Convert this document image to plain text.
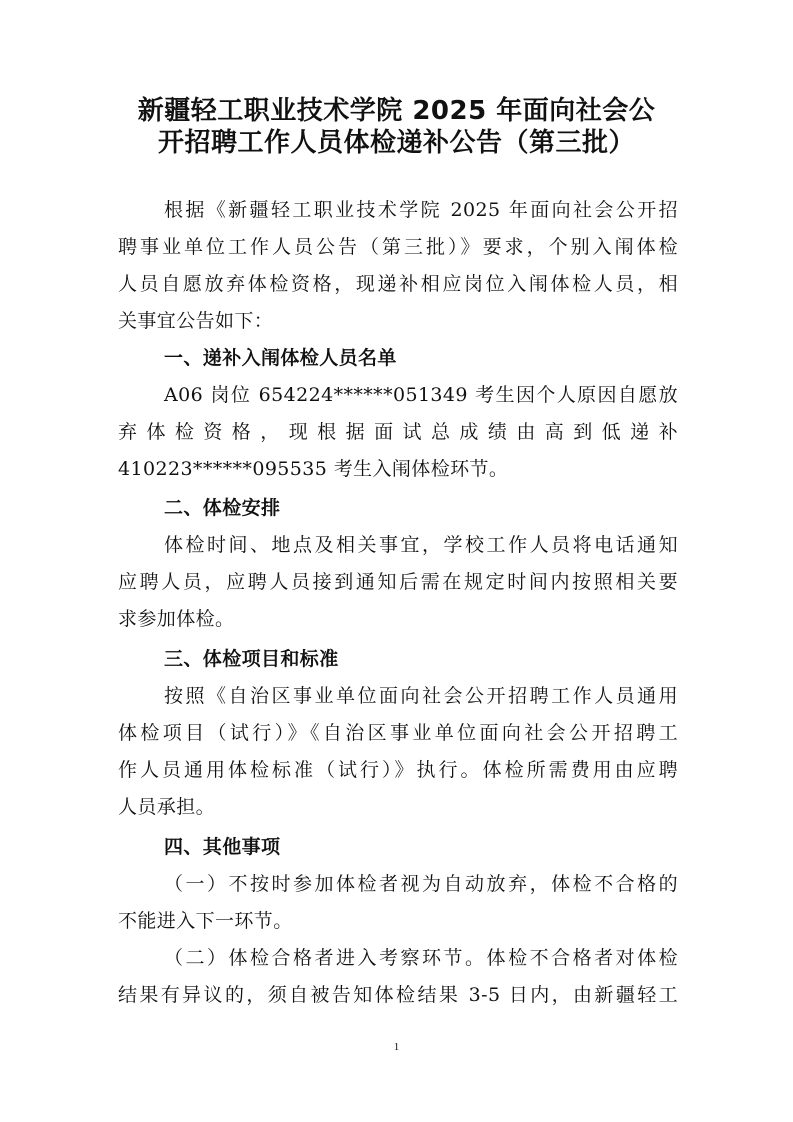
新疆轻工职业技术学院 2025 年面向社会公
开招聘工作人员体检递补公告（第三批）

根据《新疆轻工职业技术学院 2025 年面向社会公开招

聘事业单位工作人员公告（第三批）》要求，个别入闱体检

人员自愿放弃体检资格，现递补相应岗位入闱体检人员，相

关事宜公告如下：

一、递补入闱体检人员名单

A06 岗位 654224******051349 考生因个人原因自愿放

弃体检资格，现根据面试总成绩由高到低递补

410223******095535 考生入闱体检环节。

二、体检安排

体检时间、地点及相关事宜，学校工作人员将电话通知

应聘人员，应聘人员接到通知后需在规定时间内按照相关要

求参加体检。

三、体检项目和标准

按照《自治区事业单位面向社会公开招聘工作人员通用

体检项目（试行）》《自治区事业单位面向社会公开招聘工

作人员通用体检标准（试行）》执行。体检所需费用由应聘

人员承担。

四、其他事项

（一）不按时参加体检者视为自动放弃，体检不合格的

不能进入下一环节。

（二）体检合格者进入考察环节。体检不合格者对体检

结果有异议的，须自被告知体检结果 3-5 日内，由新疆轻工

1
